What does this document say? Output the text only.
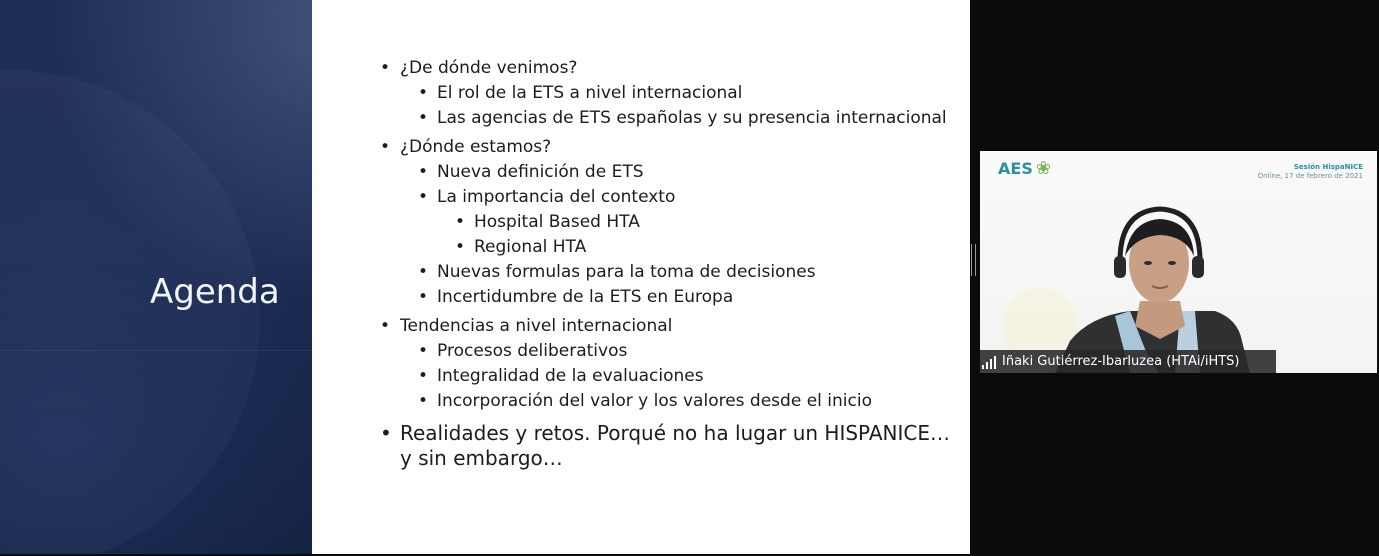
Agenda
• ¿De dónde venimos?
• El rol de la ETS a nivel internacional
• Las agencias de ETS españolas y su presencia internacional
• ¿Dónde estamos?
• Nueva definición de ETS
• La importancia del contexto
• Hospital Based HTA
• Regional HTA
• Nuevas formulas para la toma de decisiones
• Incertidumbre de la ETS en Europa
• Tendencias a nivel internacional
• Procesos deliberativos
• Integralidad de la evaluaciones
• Incorporación del valor y los valores desde el inicio
• Realidades y retos. Porqué no ha lugar un HISPANICE… y sin embargo…
AES ❀	Sesión HispaNICE
Online, 17 de febrero de 2021
Iñaki Gutiérrez-Ibarluzea (HTAi/iHTS)
